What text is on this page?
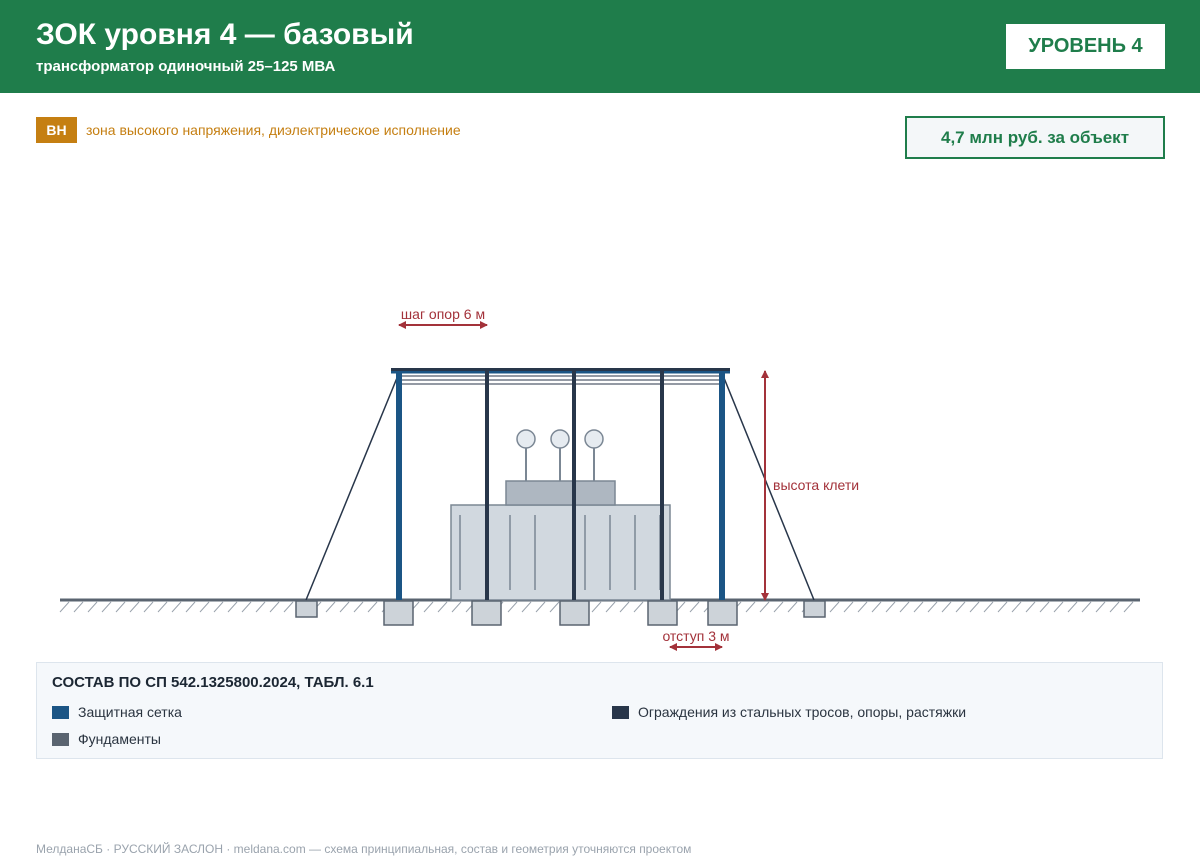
ЗОК уровня 4 — базовый
трансформатор одиночный 25–125 МВА
УРОВЕНЬ 4
ВН	зона высокого напряжения, диэлектрическое исполнение	4,7 млн руб. за объект
шаг опор 6 м
высота клети
отступ 3 м
СОСТАВ ПО СП 542.1325800.2024, ТАБЛ. 6.1
Защитная сетка	Ограждения из стальных тросов, опоры, растяжки
Фундаменты
МелданаСБ · РУССКИЙ ЗАСЛОН · meldana.com — схема принципиальная, состав и геометрия уточняются проектом
